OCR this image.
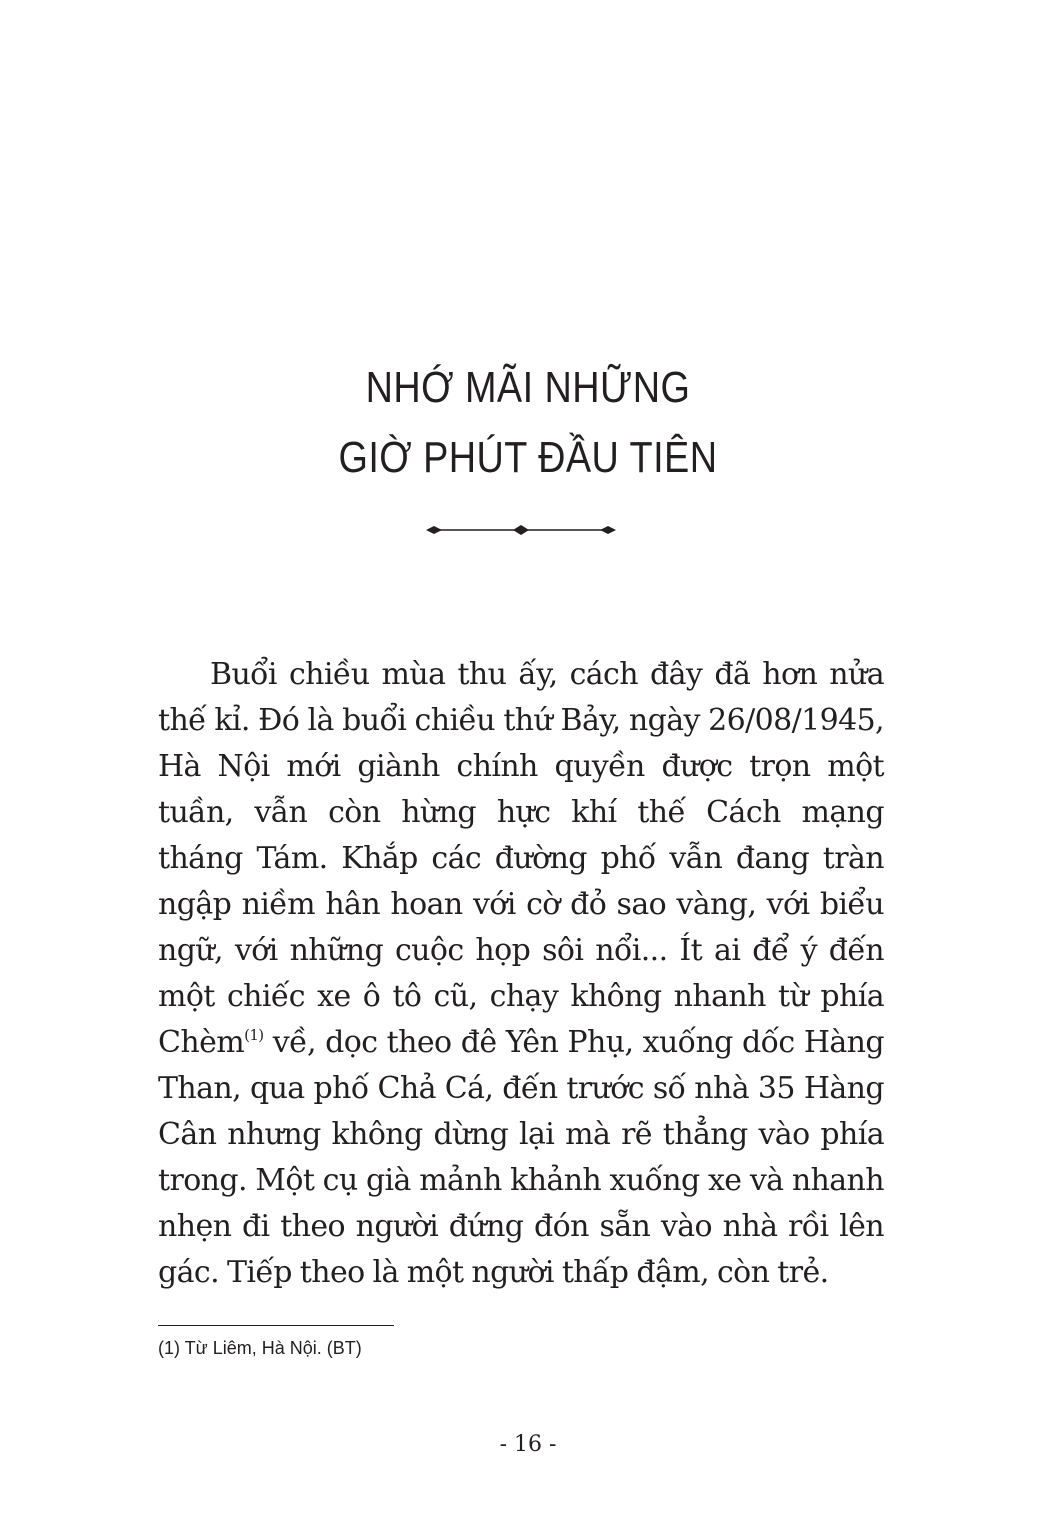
NHỚ MÃI NHỮNG
GIỜ PHÚT ĐẦU TIÊN
Buổi chiều mùa thu ấy, cách đây đã hơn nửa
thế kỉ. Đó là buổi chiều thứ Bảy, ngày 26/08/1945,
Hà Nội mới giành chính quyền được trọn một
tuần, vẫn còn hừng hực khí thế Cách mạng
tháng Tám. Khắp các đường phố vẫn đang tràn
ngập niềm hân hoan với cờ đỏ sao vàng, với biểu
ngữ, với những cuộc họp sôi nổi... Ít ai để ý đến
một chiếc xe ô tô cũ, chạy không nhanh từ phía
Chèm$^{(1)}$ về, dọc theo đê Yên Phụ, xuống dốc Hàng
Than, qua phố Chả Cá, đến trước số nhà 35 Hàng
Cân nhưng không dừng lại mà rẽ thẳng vào phía
trong. Một cụ già mảnh khảnh xuống xe và nhanh
nhẹn đi theo người đứng đón sẵn vào nhà rồi lên
gác. Tiếp theo là một người thấp đậm, còn trẻ.
(1) Từ Liêm, Hà Nội. (BT)
- 16 -
